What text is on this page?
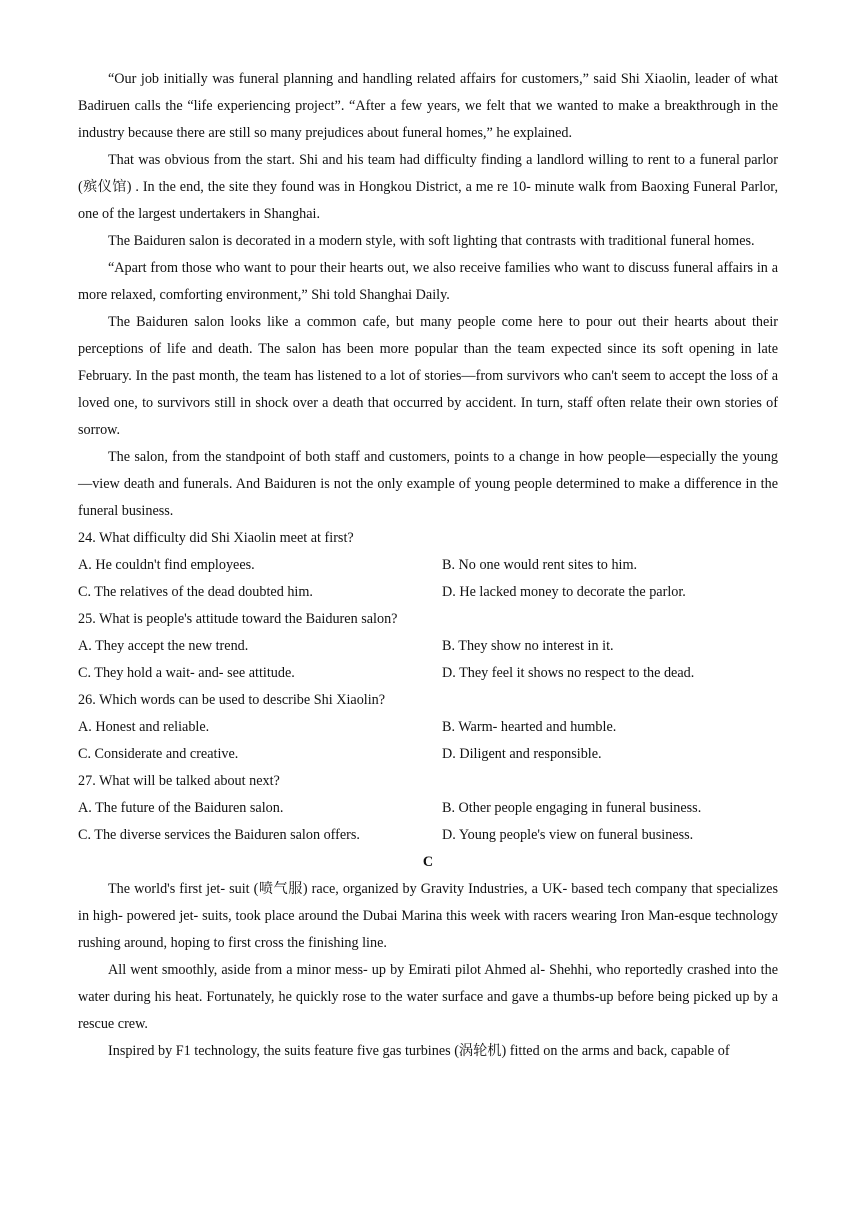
“Our job initially was funeral planning and handling related affairs for customers,” said Shi Xiaolin, leader of what Badiruen calls the “life experiencing project”. “After a few years, we felt that we wanted to make a breakthrough in the industry because there are still so many prejudices about funeral homes,” he explained.

That was obvious from the start. Shi and his team had difficulty finding a landlord willing to rent to a funeral parlor (殡仪馆) . In the end, the site they found was in Hongkou District, a me re 10- minute walk from Baoxing Funeral Parlor, one of the largest undertakers in Shanghai.

The Baiduren salon is decorated in a modern style, with soft lighting that contrasts with traditional funeral homes.

“Apart from those who want to pour their hearts out, we also receive families who want to discuss funeral affairs in a more relaxed, comforting environment,” Shi told Shanghai Daily.

The Baiduren salon looks like a common cafe, but many people come here to pour out their hearts about their perceptions of life and death. The salon has been more popular than the team expected since its soft opening in late February. In the past month, the team has listened to a lot of stories—from survivors who can't seem to accept the loss of a loved one, to survivors still in shock over a death that occurred by accident. In turn, staff often relate their own stories of sorrow.

The salon, from the standpoint of both staff and customers, points to a change in how people—especially the young—view death and funerals. And Baiduren is not the only example of young people determined to make a difference in the funeral business.

24. What difficulty did Shi Xiaolin meet at first?

A. He couldn't find employees.	B. No one would rent sites to him.
C. The relatives of the dead doubted him.	D. He lacked money to decorate the parlor.

25. What is people's attitude toward the Baiduren salon?

A. They accept the new trend.	B. They show no interest in it.
C. They hold a wait- and- see attitude.	D. They feel it shows no respect to the dead.

26. Which words can be used to describe Shi Xiaolin?

A. Honest and reliable.	B. Warm- hearted and humble.
C. Considerate and creative.	D. Diligent and responsible.

27. What will be talked about next?

A. The future of the Baiduren salon.	B. Other people engaging in funeral business.
C. The diverse services the Baiduren salon offers.	D. Young people's view on funeral business.

C

The world's first jet- suit (喷气服) race, organized by Gravity Industries, a UK- based tech company that specializes in high- powered jet- suits, took place around the Dubai Marina this week with racers wearing Iron Man-esque technology rushing around, hoping to first cross the finishing line.

All went smoothly, aside from a minor mess- up by Emirati pilot Ahmed al- Shehhi, who reportedly crashed into the water during his heat. Fortunately, he quickly rose to the water surface and gave a thumbs-up before being picked up by a rescue crew.

Inspired by F1 technology, the suits feature five gas turbines (涡轮机) fitted on the arms and back, capable of
